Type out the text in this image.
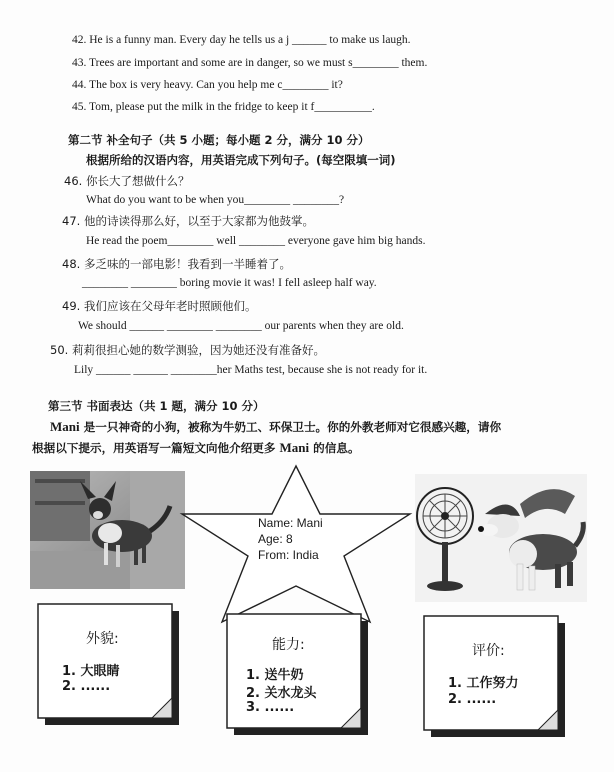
42. He is a funny man. Every day he tells us a j ______ to make us laugh.
43. Trees are important and some are in danger, so we must s________ them.
44. The box is very heavy. Can you help me c________ it?
45. Tom, please put the milk in the fridge to keep it f__________.
第二节 补全句子（共 5 小题；每小题 2 分，满分 10 分）
根据所给的汉语内容，用英语完成下列句子。(每空限填一词)
46. 你长大了想做什么？
What do you want to be when you________ ________?
47. 他的诗读得那么好，以至于大家都为他鼓掌。
He read the poem________ well ________ everyone gave him big hands.
48. 多乏味的一部电影！我看到一半睡着了。
________ ________ boring movie it was! I fell asleep half way.
49. 我们应该在父母年老时照顾他们。
We should ______ ________ ________ our parents when they are old.
50. 莉莉很担心她的数学测验，因为她还没有准备好。
Lily ______ ______ ________her Maths test, because she is not ready for it.
第三节 书面表达（共 1 题，满分 10 分）
Mani 是一只神奇的小狗，被称为牛奶工、环保卫士。你的外教老师对它很感兴趣，请你
根据以下提示，用英语写一篇短文向他介绍更多 Mani 的信息。
Name: Mani
Age: 8
From: India
外貌:
1. 大眼睛
2. ......
能力:
1. 送牛奶
2. 关水龙头
3. ......
评价:
1. 工作努力
2. ......
